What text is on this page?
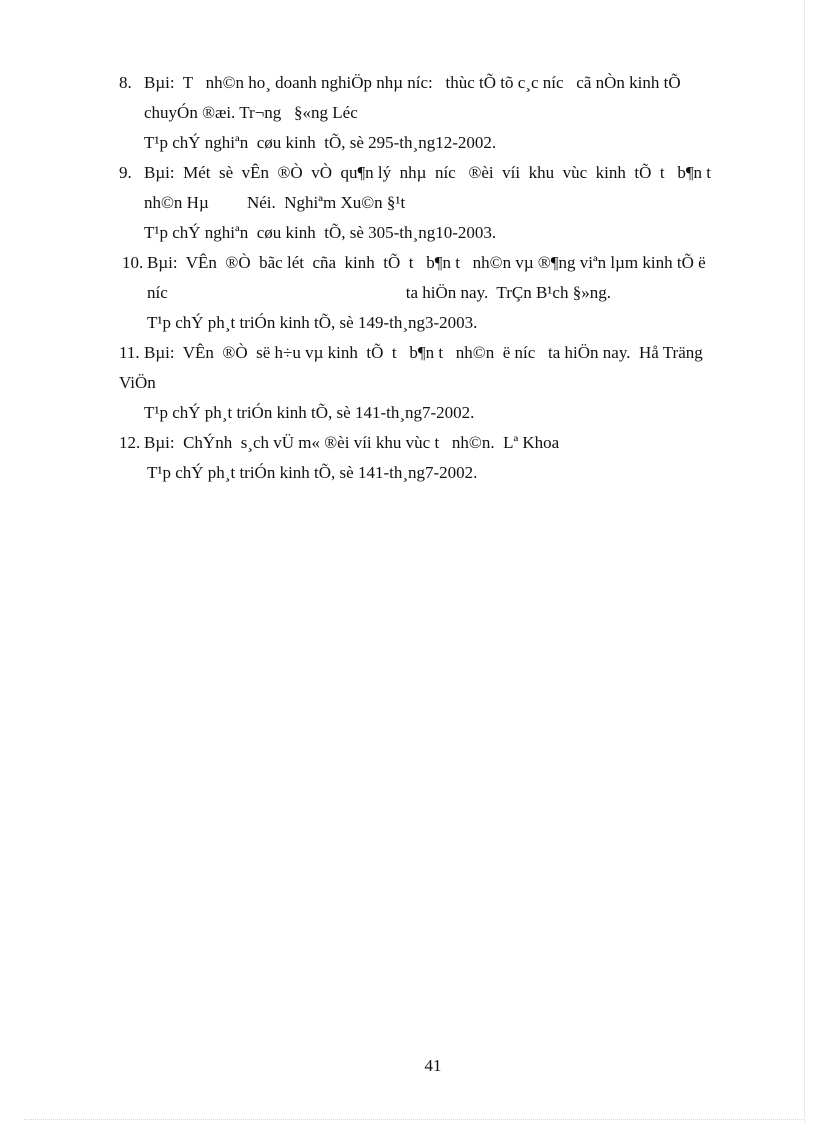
8. Bµi:  T   nh©n ho¸ doanh nghiÖp nhµ níc:   thùc tÕ tõ c¸c níc   cã nÒn kinh tÕ
chuyÓn ®æi. Tr¬ng   §«ng Léc
T¹p chÝ nghiªn  cøu kinh  tÕ, sè 295-th¸ng12-2002.
9. Bµi:  Mét  sè  vÊn  ®Ò  vÒ  qu¶n lý  nhµ  níc   ®èi  víi  khu  vùc  kinh  tÕ  t   b¶n t
nh©n Hµ         Néi.  Nghiªm Xu©n §¹t
T¹p chÝ nghiªn  cøu kinh  tÕ, sè 305-th¸ng10-2003.
10. Bµi:  VÊn  ®Ò  bãc lét  cña  kinh  tÕ  t   b¶n t   nh©n vµ ®¶ng viªn lµm kinh tÕ ë
níc                                                        ta hiÖn nay.  TrÇn B¹ch §»ng.
T¹p chÝ ph¸t triÓn kinh tÕ, sè 149-th¸ng3-2003.
11. Bµi:  VÊn  ®Ò  së h÷u vµ kinh  tÕ  t   b¶n t   nh©n  ë níc   ta hiÖn nay.  Hå Träng
ViÖn
T¹p chÝ ph¸t triÓn kinh tÕ, sè 141-th¸ng7-2002.
12. Bµi:  ChÝnh  s¸ch vÜ m« ®èi víi khu vùc t   nh©n.  Lª Khoa
T¹p chÝ ph¸t triÓn kinh tÕ, sè 141-th¸ng7-2002.
41
